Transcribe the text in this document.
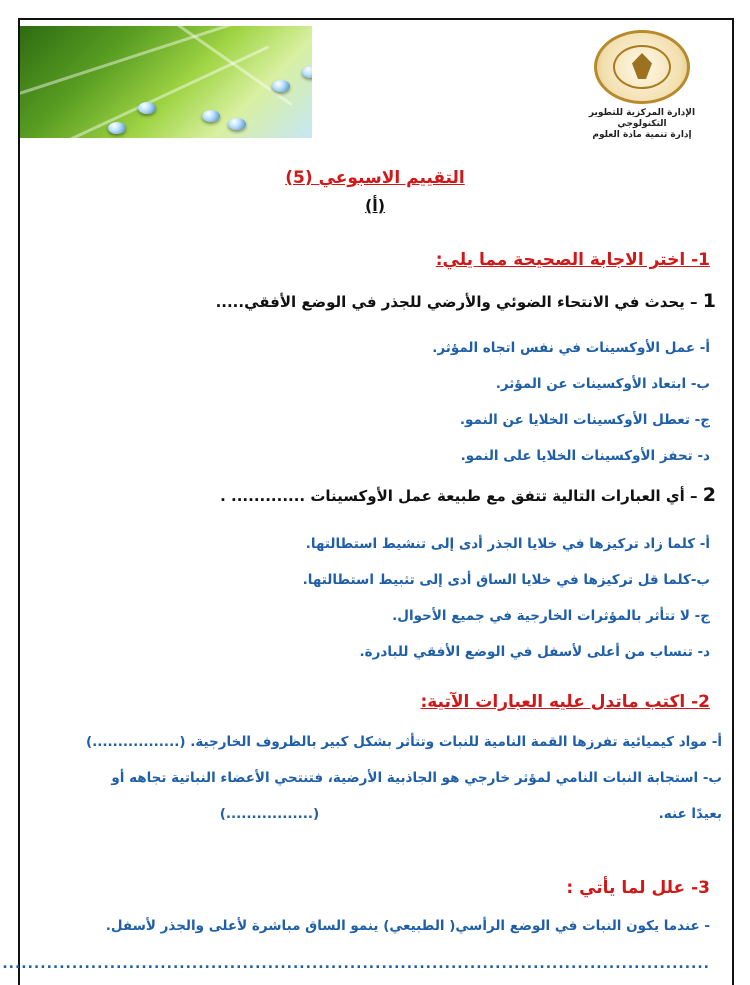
الإدارة المركزية للتطوير التكنولوجي
إدارة تنمية مادة العلوم
التقييم الاسبوعي (5)
(أ)
1- اختر الاجابة الصحيحة مما يلي:
1 – يحدث في الانتحاء الضوئي والأرضي للجذر في الوضع الأفقي.....
أ- عمل الأوكسينات في نفس اتجاه المؤثر.
ب- ابتعاد الأوكسينات عن المؤثر.
ج- تعطل الأوكسينات الخلايا عن النمو.
د- تحفز الأوكسينات الخلايا على النمو.
2 – أي العبارات التالية تتفق مع طبيعة عمل الأوكسينات ............. .
أ- كلما زاد تركيزها في خلايا الجذر أدى إلى تنشيط استطالتها.
ب-كلما قل تركيزها في خلايا الساق أدى إلى تثبيط استطالتها.
ج- لا تتأثر بالمؤثرات الخارجية في جميع الأحوال.
د- تنساب من أعلى لأسفل في الوضع الأفقي للبادرة.
2- اكتب ماتدل عليه العبارات الآتية:
أ- مواد كيميائية تفرزها القمة النامية للنبات وتتأثر بشكل كبير بالظروف الخارجية. (.................)
ب- استجابة النبات النامي لمؤثر خارجي هو الجاذبية الأرضية، فتنتحي الأعضاء النباتية تجاهه أو
بعيدًا عنه.  (.................)
3- علل لما يأتي :
- عندما يكون النبات في الوضع الرأسي( الطبيعي) ينمو الساق مباشرة لأعلى والجذر لأسفل.
................................................................................................................
